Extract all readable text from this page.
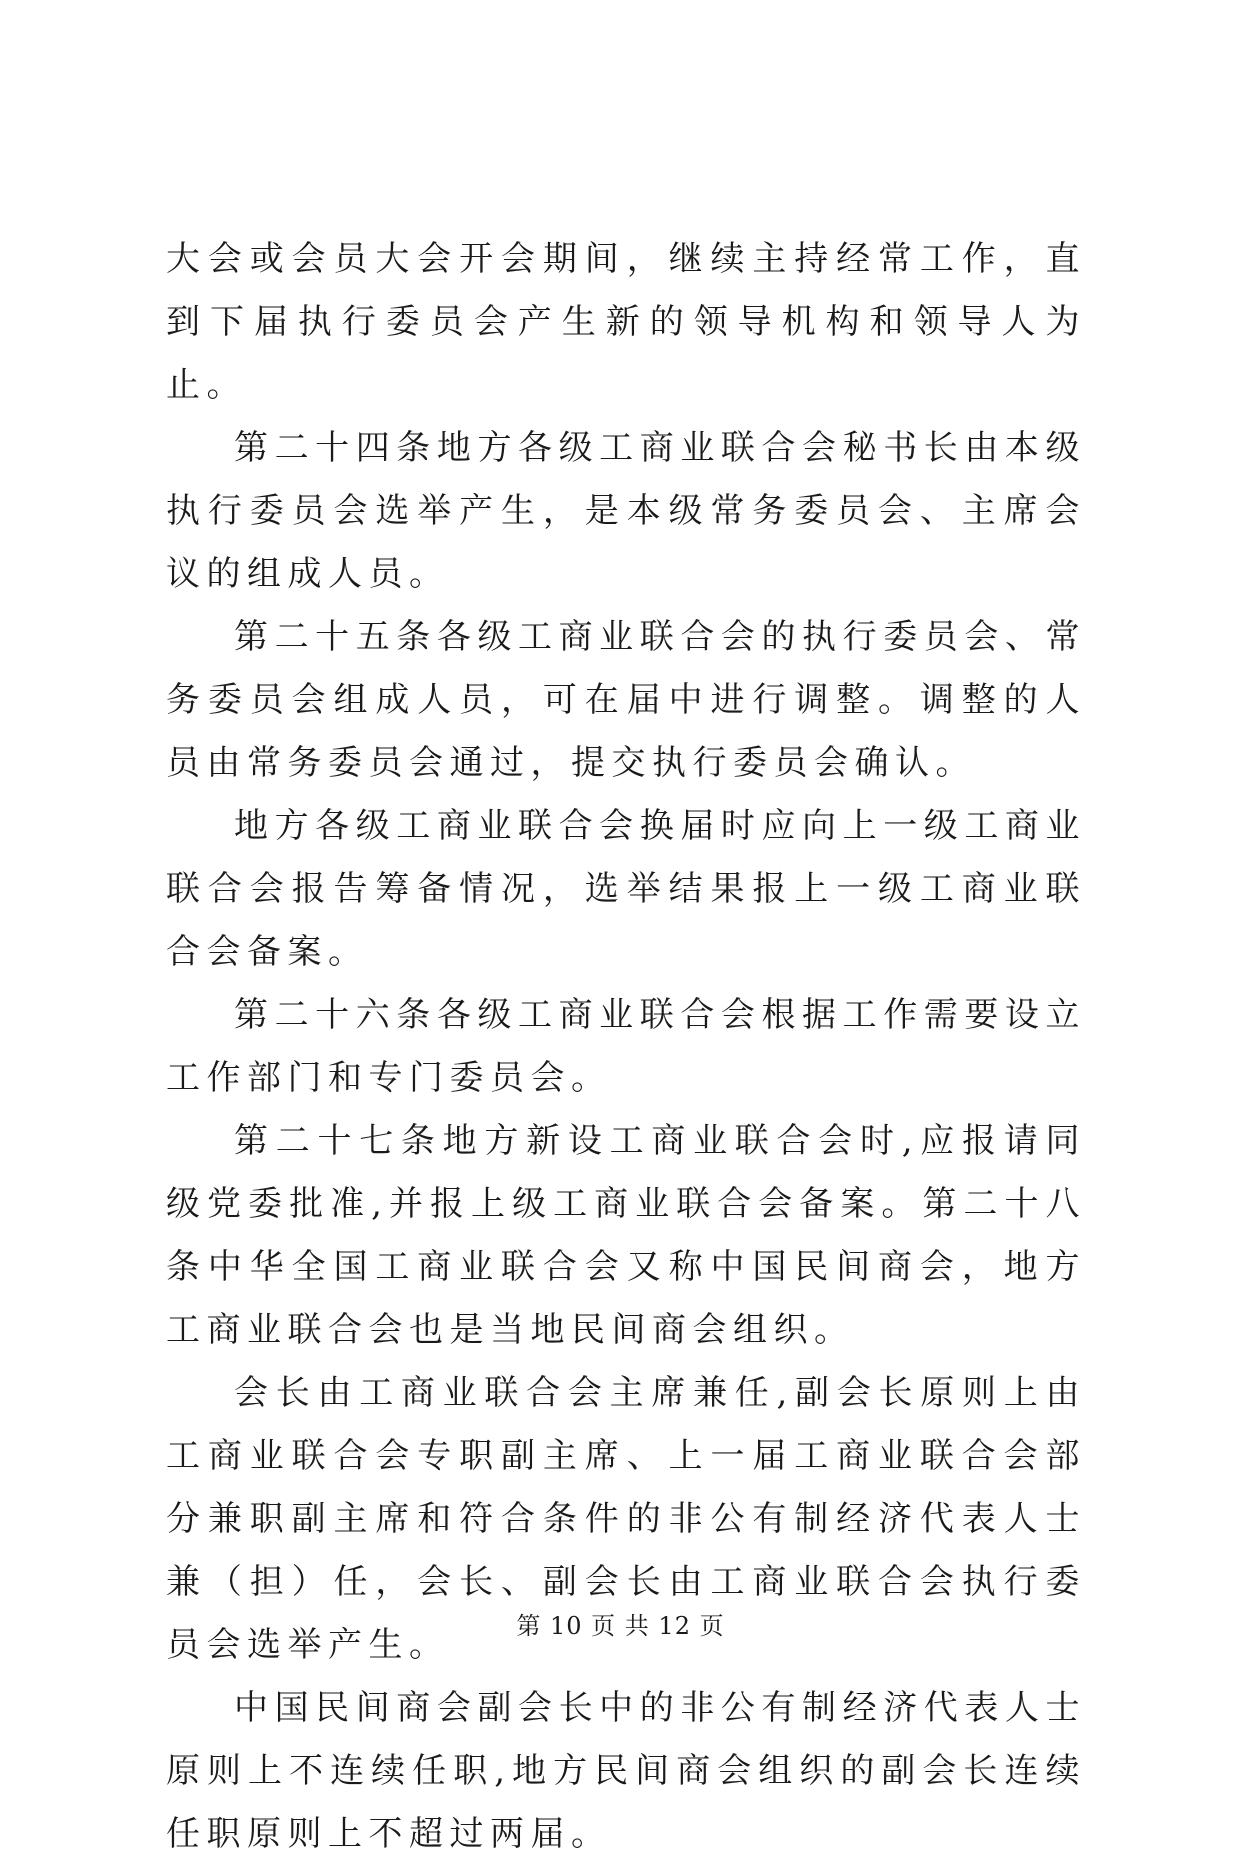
大会或会员大会开会期间，继续主持经常工作，直到下届执行委员会产生新的领导机构和领导人为止。

第二十四条地方各级工商业联合会秘书长由本级执行委员会选举产生，是本级常务委员会、主席会议的组成人员。

第二十五条各级工商业联合会的执行委员会、常务委员会组成人员，可在届中进行调整。调整的人员由常务委员会通过，提交执行委员会确认。

地方各级工商业联合会换届时应向上一级工商业联合会报告筹备情况，选举结果报上一级工商业联合会备案。

第二十六条各级工商业联合会根据工作需要设立工作部门和专门委员会。

第二十七条地方新设工商业联合会时,应报请同级党委批准,并报上级工商业联合会备案。第二十八条中华全国工商业联合会又称中国民间商会，地方工商业联合会也是当地民间商会组织。

会长由工商业联合会主席兼任,副会长原则上由工商业联合会专职副主席、上一届工商业联合会部分兼职副主席和符合条件的非公有制经济代表人士兼（担）任，会长、副会长由工商业联合会执行委员会选举产生。

中国民间商会副会长中的非公有制经济代表人士原则上不连续任职,地方民间商会组织的副会长连续任职原则上不超过两届。

第 10 页 共 12 页
